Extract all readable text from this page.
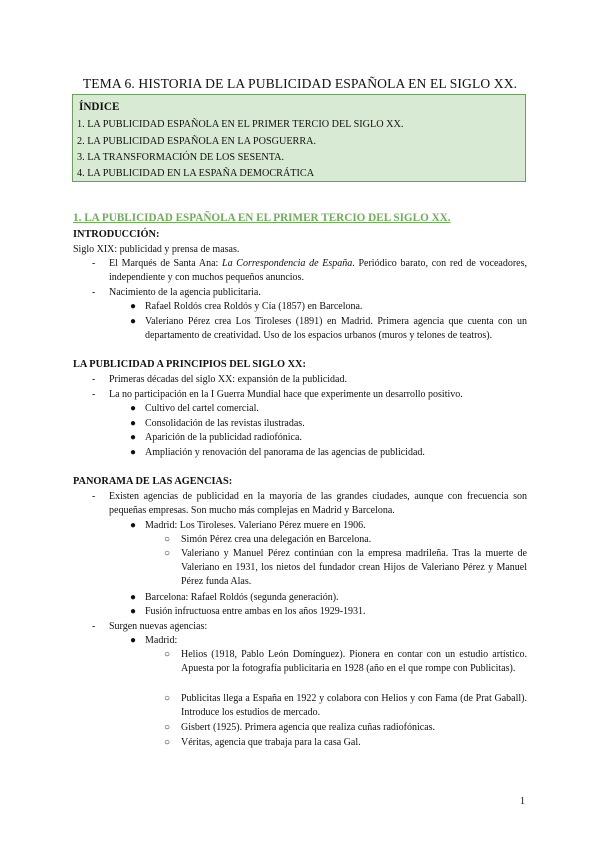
TEMA 6. HISTORIA DE LA PUBLICIDAD ESPAÑOLA EN EL SIGLO XX.
ÍNDICE
1. LA PUBLICIDAD ESPAÑOLA EN EL PRIMER TERCIO DEL SIGLO XX.
2. LA PUBLICIDAD ESPAÑOLA EN LA POSGUERRA.
3. LA TRANSFORMACIÓN DE LOS SESENTA.
4. LA PUBLICIDAD EN LA ESPAÑA DEMOCRÁTICA
1. LA PUBLICIDAD ESPAÑOLA EN EL PRIMER TERCIO DEL SIGLO XX.
INTRODUCCIÓN:
Siglo XIX: publicidad y prensa de masas.
- El Marqués de Santa Ana: La Correspondencia de España. Periódico barato, con red de voceadores, independiente y con muchos pequeños anuncios.
- Nacimiento de la agencia publicitaria.
● Rafael Roldós crea Roldós y Cía (1857) en Barcelona.
● Valeriano Pérez crea Los Tiroleses (1891) en Madrid. Primera agencia que cuenta con un departamento de creatividad. Uso de los espacios urbanos (muros y telones de teatros).
LA PUBLICIDAD A PRINCIPIOS DEL SIGLO XX:
- Primeras décadas del siglo XX: expansión de la publicidad.
- La no participación en la I Guerra Mundial hace que experimente un desarrollo positivo.
● Cultivo del cartel comercial.
● Consolidación de las revistas ilustradas.
● Aparición de la publicidad radiofónica.
● Ampliación y renovación del panorama de las agencias de publicidad.
PANORAMA DE LAS AGENCIAS:
- Existen agencias de publicidad en la mayoría de las grandes ciudades, aunque con frecuencia son pequeñas empresas. Son mucho más complejas en Madrid y Barcelona.
● Madrid: Los Tiroleses. Valeriano Pérez muere en 1906.
○ Simón Pérez crea una delegación en Barcelona.
○ Valeriano y Manuel Pérez continúan con la empresa madrileña. Tras la muerte de Valeriano en 1931, los nietos del fundador crean Hijos de Valeriano Pérez y Manuel Pérez funda Alas.
● Barcelona: Rafael Roldós (segunda generación).
● Fusión infructuosa entre ambas en los años 1929-1931.
- Surgen nuevas agencias:
● Madrid:
○ Helios (1918, Pablo León Domínguez). Pionera en contar con un estudio artístico. Apuesta por la fotografía publicitaria en 1928 (año en el que rompe con Publicitas).
○ Publicitas llega a España en 1922 y colabora con Helios y con Fama (de Prat Gaball). Introduce los estudios de mercado.
○ Gisbert (1925). Primera agencia que realiza cuñas radiofónicas.
○ Véritas, agencia que trabaja para la casa Gal.
1
